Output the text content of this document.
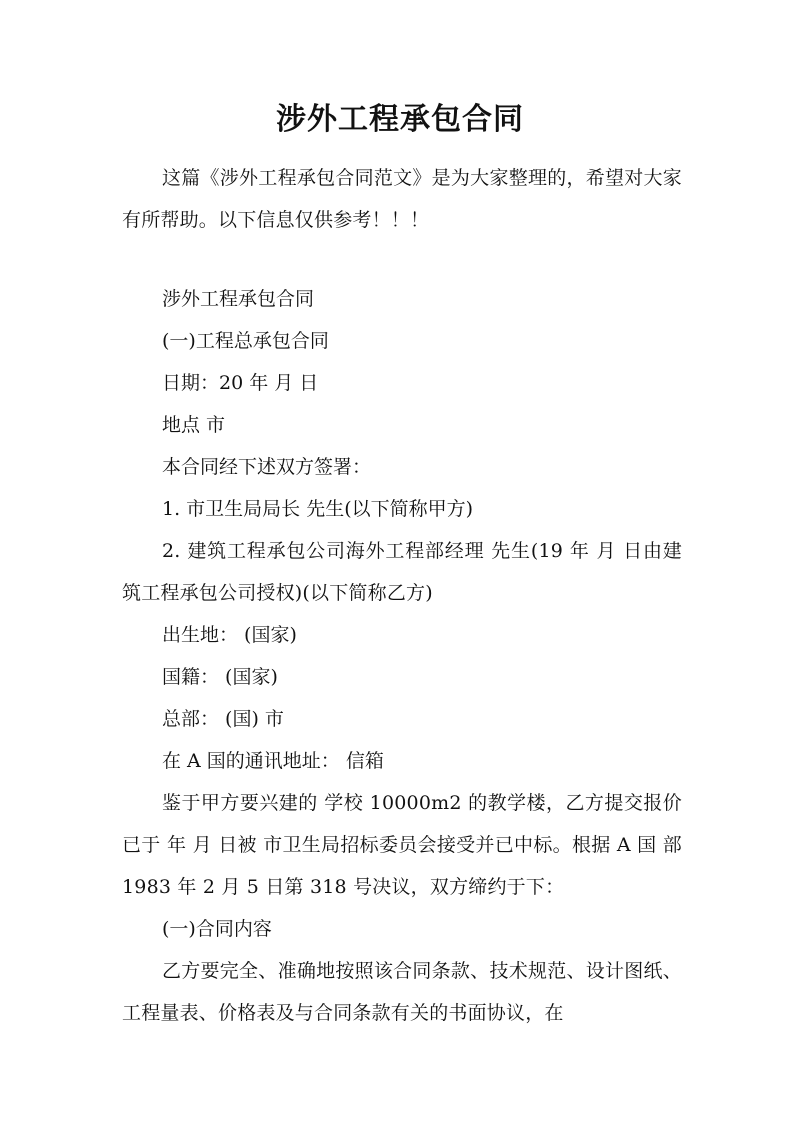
涉外工程承包合同
这篇《涉外工程承包合同范文》是为大家整理的，希望对大家有所帮助。以下信息仅供参考！！！
涉外工程承包合同
(一)工程总承包合同
日期：20 年 月 日
地点 市
本合同经下述双方签署：
1. 市卫生局局长 先生(以下简称甲方)
2. 建筑工程承包公司海外工程部经理 先生(19 年 月 日由建筑工程承包公司授权)(以下简称乙方)
出生地： (国家)
国籍： (国家)
总部： (国) 市
在 A 国的通讯地址： 信箱
鉴于甲方要兴建的 学校 10000m2 的教学楼，乙方提交报价已于 年 月 日被 市卫生局招标委员会接受并已中标。根据 A 国 部 1983 年 2 月 5 日第 318 号决议，双方缔约于下：
(一)合同内容
乙方要完全、准确地按照该合同条款、技术规范、设计图纸、工程量表、价格表及与合同条款有关的书面协议，在
